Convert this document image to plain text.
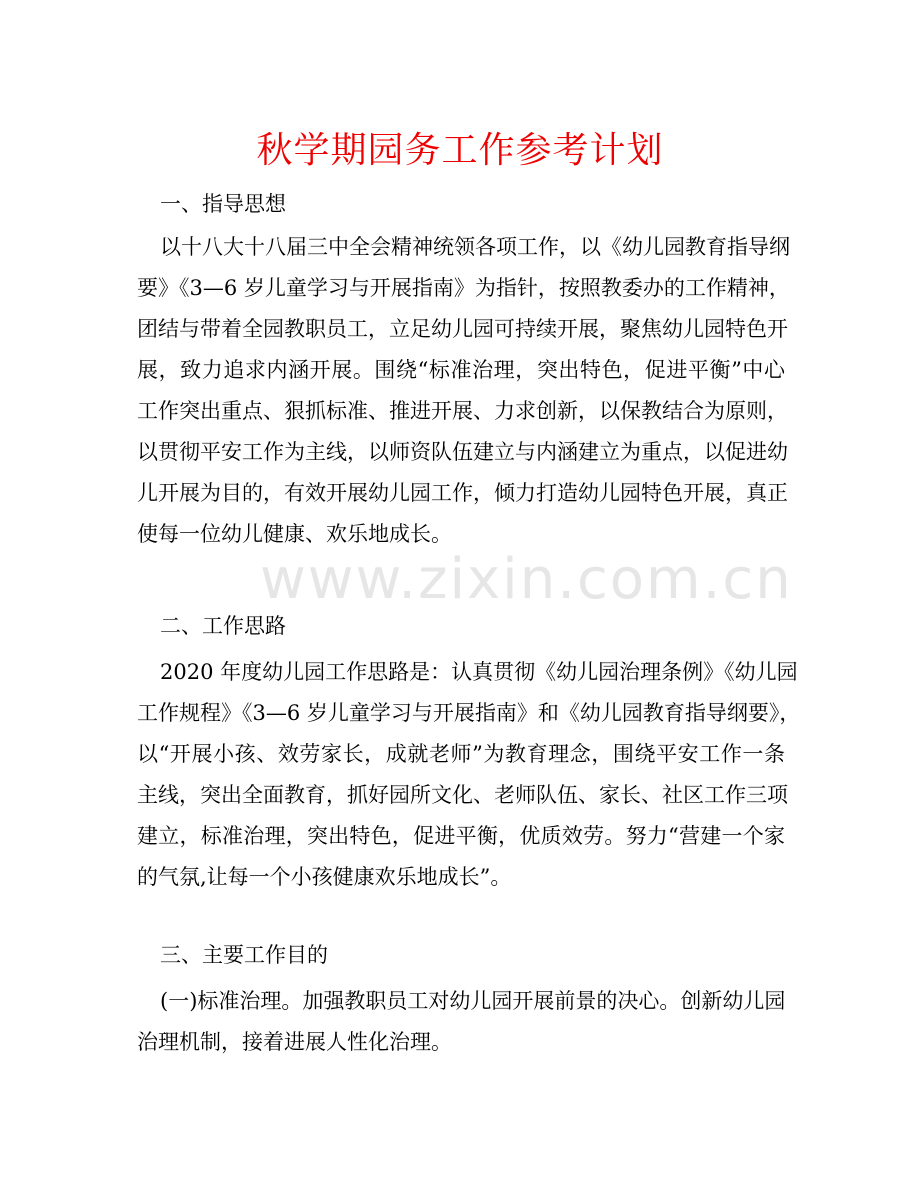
www.zixin.com.cn
秋学期园务工作参考计划
一、指导思想
以十八大十八届三中全会精神统领各项工作，以《幼儿园教育指导纲
要》《3—6 岁儿童学习与开展指南》为指针，按照教委办的工作精神，
团结与带着全园教职员工，立足幼儿园可持续开展，聚焦幼儿园特色开
展，致力追求内涵开展。围绕“标准治理，突出特色，促进平衡”中心
工作突出重点、狠抓标准、推进开展、力求创新，以保教结合为原则，
以贯彻平安工作为主线，以师资队伍建立与内涵建立为重点，以促进幼
儿开展为目的，有效开展幼儿园工作，倾力打造幼儿园特色开展，真正
使每一位幼儿健康、欢乐地成长。
二、工作思路
2020 年度幼儿园工作思路是：认真贯彻《幼儿园治理条例》《幼儿园
工作规程》《3—6 岁儿童学习与开展指南》和《幼儿园教育指导纲要》，
以“开展小孩、效劳家长，成就老师”为教育理念，围绕平安工作一条
主线，突出全面教育，抓好园所文化、老师队伍、家长、社区工作三项
建立，标准治理，突出特色，促进平衡，优质效劳。努力“营建一个家
的气氛,让每一个小孩健康欢乐地成长”。
三、主要工作目的
(一)标准治理。加强教职员工对幼儿园开展前景的决心。创新幼儿园
治理机制，接着进展人性化治理。
